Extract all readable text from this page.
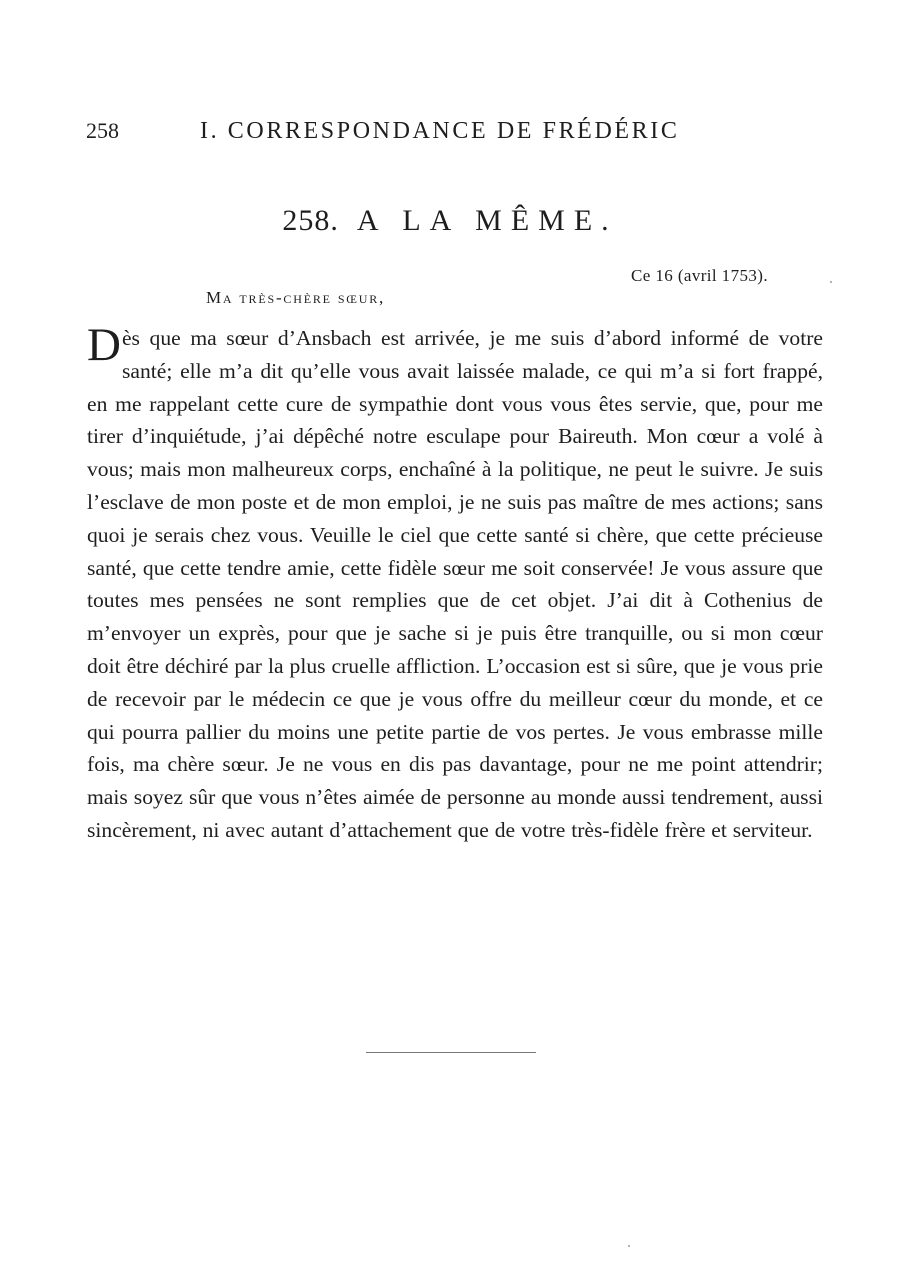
258	I. CORRESPONDANCE DE FRÉDÉRIC
258. A LA MÊME.
Ce 16 (avril 1753).
Ma très-chère sœur,
Dès que ma sœur d’Ansbach est arrivée, je me suis d’abord informé de votre santé; elle m’a dit qu’elle vous avait laissée malade, ce qui m’a si fort frappé, en me rappelant cette cure de sympathie dont vous vous êtes servie, que, pour me tirer d’inquiétude, j’ai dépêché notre esculape pour Baireuth. Mon cœur a volé à vous; mais mon malheureux corps, enchaîné à la politique, ne peut le suivre. Je suis l’esclave de mon poste et de mon emploi, je ne suis pas maître de mes actions; sans quoi je serais chez vous. Veuille le ciel que cette santé si chère, que cette précieuse santé, que cette tendre amie, cette fidèle sœur me soit conservée! Je vous assure que toutes mes pensées ne sont remplies que de cet objet. J’ai dit à Cothenius de m’envoyer un exprès, pour que je sache si je puis être tranquille, ou si mon cœur doit être déchiré par la plus cruelle affliction. L’occasion est si sûre, que je vous prie de recevoir par le médecin ce que je vous offre du meilleur cœur du monde, et ce qui pourra pallier du moins une petite partie de vos pertes. Je vous embrasse mille fois, ma chère sœur. Je ne vous en dis pas davantage, pour ne me point attendrir; mais soyez sûr que vous n’êtes aimée de personne au monde aussi tendrement, aussi sincèrement, ni avec autant d’attachement que de votre très-fidèle frère et serviteur.
